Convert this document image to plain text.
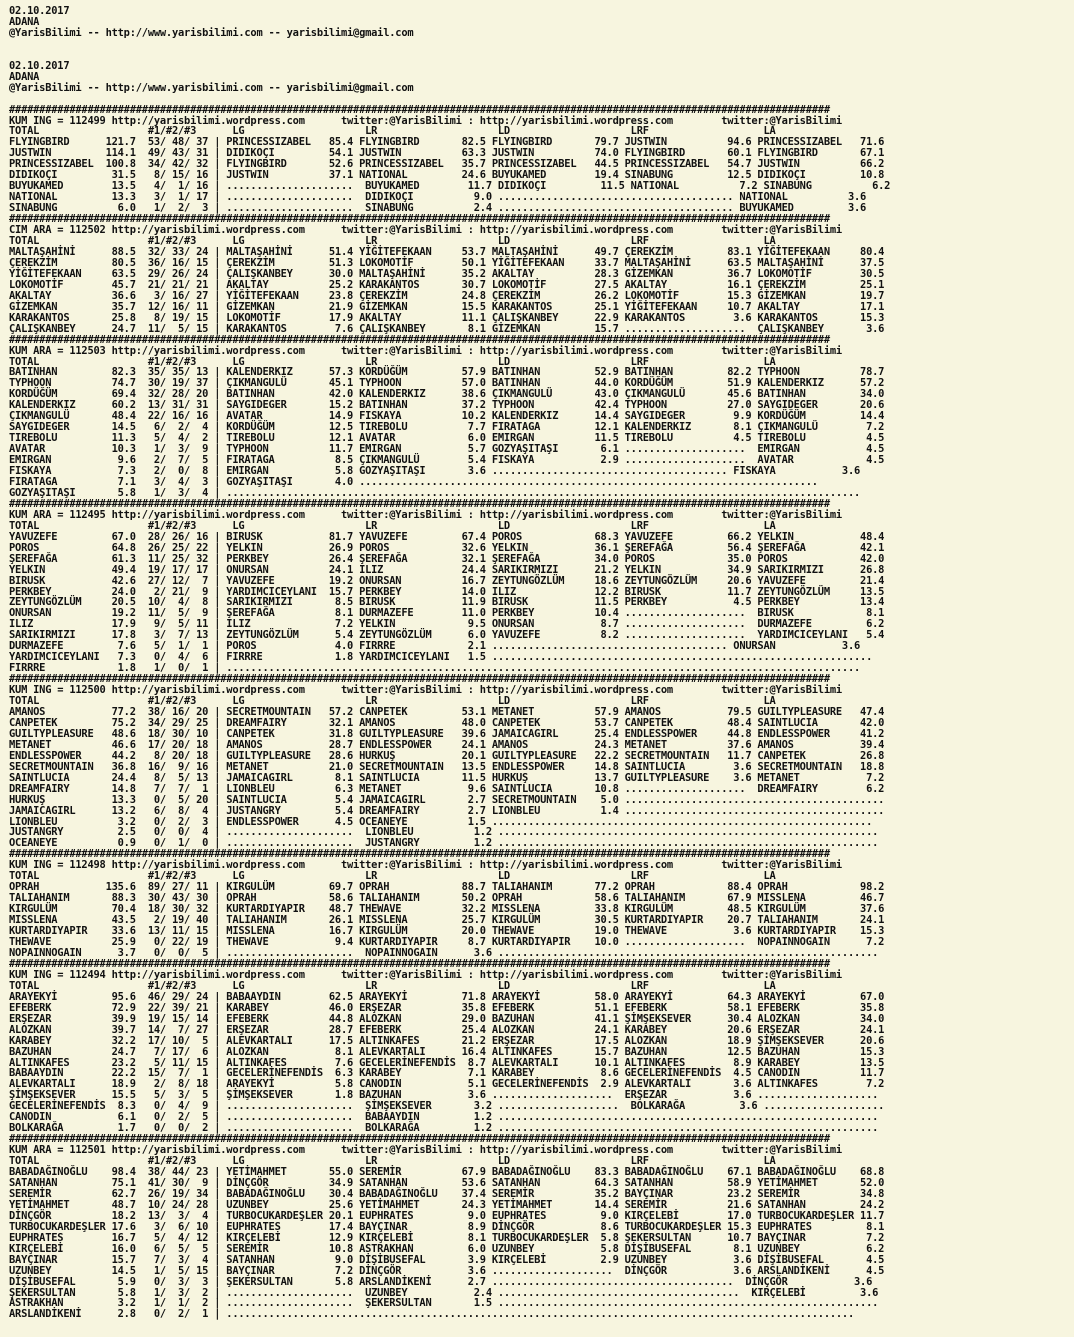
02.10.2017
ADANA
@YarisBilimi -- http://www.yarisbilimi.com -- yarisbilimi@gmail.com

02.10.2017
ADANA
@YarisBilimi -- http://www.yarisbilimi.com -- yarisbilimi@gmail.com

########################################################################################################################################
KUM ING = 112499 http://yarisbilimi.wordpress.com      twitter:@YarisBilimi : http://yarisbilimi.wordpress.com        twitter:@YarisBilimi
TOTAL                  #1/#2/#3      LG                    LR                    LD                    LRF                   LA
FLYINGBIRD      121.7  53/ 48/ 37 | PRINCESSIZABEL   85.4 FLYINGBIRD       82.5 FLYINGBIRD       79.7 JUSTWIN          94.6 PRINCESSIZABEL   71.6
JUSTWIN         114.1  49/ 43/ 31 | DIDIKOÇI         54.1 JUSTWIN          63.3 JUSTWIN          74.0 FLYINGBIRD       60.1 FLYINGBIRD       67.1
PRINCESSIZABEL  100.8  34/ 42/ 32 | FLYINGBIRD       52.6 PRINCESSIZABEL   35.7 PRINCESSIZABEL   44.5 PRINCESSIZABEL   54.7 JUSTWIN          66.2
DIDIKOÇI         31.5   8/ 15/ 16 | JUSTWIN          37.1 NATIONAL         24.6 BUYUKAMED        19.4 SINABUNG         12.5 DIDIKOÇI         10.8
BUYUKAMED        13.5   4/  1/ 16 | .....................  BUYUKAMED        11.7 DIDIKOÇI         11.5 NATIONAL          7.2 SINABUNG          6.2
NATIONAL         13.3   3/  1/ 17 | .....................  DIDIKOÇI          9.0 ....................................... NATIONAL          3.6
SINABUNG          6.0   1/  2/  3 | .....................  SINABUNG          2.4 ....................................... BUYUKAMED         3.6
########################################################################################################################################
CIM ARA = 112502 http://yarisbilimi.wordpress.com      twitter:@YarisBilimi : http://yarisbilimi.wordpress.com        twitter:@YarisBilimi
TOTAL                  #1/#2/#3      LG                    LR                    LD                    LRF                   LA
MALTAŞAHİNİ      88.5  32/ 33/ 24 | MALTAŞAHİNİ      51.4 YİĞİTEFEKAAN     53.7 MALTAŞAHİNİ      49.7 ÇEREKZİM         83.1 YİĞİTEFEKAAN     80.4
ÇEREKZİM         80.5  36/ 16/ 15 | ÇEREKZİM         51.3 LOKOMOTİF        50.1 YİĞİTEFEKAAN     33.7 MALTAŞAHİNİ      63.5 MALTAŞAHİNİ      37.5
YİĞİTEFEKAAN     63.5  29/ 26/ 24 | ÇALIŞKANBEY      30.0 MALTAŞAHİNİ      35.2 AKALTAY          28.3 GİZEMKAN         36.7 LOKOMOTİF        30.5
LOKOMOTİF        45.7  21/ 21/ 21 | AKALTAY          25.2 KARAKANTOS       30.7 LOKOMOTİF        27.5 AKALTAY          16.1 ÇEREKZİM         25.1
AKALTAY          36.6   3/ 16/ 27 | YİĞİTEFEKAAN     23.8 ÇEREKZİM         24.8 ÇEREKZİM         26.2 LOKOMOTİF        15.3 GİZEMKAN         19.7
GİZEMKAN         35.7  12/ 16/ 11 | GİZEMKAN         21.9 GİZEMKAN         15.5 KARAKANTOS       25.1 YİĞİTEFEKAAN     10.7 AKALTAY          17.1
KARAKANTOS       25.8   8/ 19/ 15 | LOKOMOTİF        17.9 AKALTAY          11.1 ÇALIŞKANBEY      22.9 KARAKANTOS        3.6 KARAKANTOS       15.3
ÇALIŞKANBEY      24.7  11/  5/ 15 | KARAKANTOS        7.6 ÇALIŞKANBEY       8.1 GİZEMKAN         15.7 ....................  ÇALIŞKANBEY       3.6
########################################################################################################################################
KUM ARA = 112503 http://yarisbilimi.wordpress.com      twitter:@YarisBilimi : http://yarisbilimi.wordpress.com        twitter:@YarisBilimi
TOTAL                  #1/#2/#3      LG                    LR                    LD                    LRF                   LA
BATINHAN         82.3  35/ 35/ 13 | KALENDERKIZ      57.3 KORDÜĞÜM         57.9 BATINHAN         52.9 BATINHAN         82.2 TYPHOON          78.7
TYPHOON          74.7  30/ 19/ 37 | ÇIKMANGULÜ       45.1 TYPHOON          57.0 BATINHAN         44.0 KORDÜĞÜM         51.9 KALENDERKIZ      57.2
KORDÜĞÜM         69.4  32/ 28/ 20 | BATINHAN         42.0 KALENDERKIZ      38.6 ÇIKMANGULÜ       43.0 ÇIKMANGULÜ       45.6 BATINHAN         34.0
KALENDERKIZ      60.2  13/ 31/ 31 | SAYGIDEGER       15.2 BATINHAN         37.2 TYPHOON          42.4 TYPHOON          27.0 SAYGIDEGER       20.6
ÇIKMANGULÜ       48.4  22/ 16/ 16 | AVATAR           14.9 FISKAYA          10.2 KALENDERKIZ      14.4 SAYGIDEGER        9.9 KORDÜĞÜM         14.4
SAYGIDEGER       14.5   6/  2/  4 | KORDÜĞÜM         12.5 TIREBOLU          7.7 FIRATAGA         12.1 KALENDERKIZ       8.1 ÇIKMANGULÜ        7.2
TIREBOLU         11.3   5/  4/  2 | TIREBOLU         12.1 AVATAR            6.0 EMIRGAN          11.5 TIREBOLU          4.5 TIREBOLU          4.5
AVATAR           10.3   1/  3/  9 | TYPHOON          11.7 EMIRGAN           5.7 GOZYAŞITAŞI       6.1 ....................  EMIRGAN           4.5
EMIRGAN           9.6   2/  7/  5 | FIRATAGA          8.5 ÇIKMANGULÜ        5.4 FISKAYA           2.9 ....................  AVATAR            4.5
FISKAYA           7.3   2/  0/  8 | EMIRGAN           5.8 GOZYAŞITAŞI       3.6 ....................................... FISKAYA           3.6
FIRATAGA          7.1   3/  4/  3 | GOZYAŞITAŞI       4.0 ............................................................................
GOZYAŞITAŞI       5.8   1/  3/  4 | .........................................................................................................
########################################################################################################################################
KUM ARA = 112495 http://yarisbilimi.wordpress.com      twitter:@YarisBilimi : http://yarisbilimi.wordpress.com        twitter:@YarisBilimi
TOTAL                  #1/#2/#3      LG                    LR                    LD                    LRF                   LA
YAVUZEFE         67.0  28/ 26/ 16 | BIRUSK           81.7 YAVUZEFE         67.4 POROS            68.3 YAVUZEFE         66.2 YELKIN           48.4
POROS            64.8  26/ 25/ 22 | YELKIN           26.9 POROS            32.6 YELKIN           36.1 ŞEREFAĞA         56.4 ŞEREFAĞA         42.1
ŞEREFAĞA         61.3  11/ 25/ 32 | PERKBEY          26.4 ŞEREFAĞA         32.1 ŞEREFAĞA         34.0 POROS            35.0 POROS            42.0
YELKIN           49.4  19/ 17/ 17 | ONURSAN          24.1 ILIZ             24.4 SARIKIRMIZI      21.2 YELKIN           34.9 SARIKIRMIZI      26.8
BIRUSK           42.6  27/ 12/  7 | YAVUZEFE         19.2 ONURSAN          16.7 ZEYTUNGÖZLÜM     18.6 ZEYTUNGÖZLÜM     20.6 YAVUZEFE         21.4
PERKBEY          24.0   2/ 21/  9 | YARDIMCICEYLANI  15.7 PERKBEY          14.0 ILIZ             12.2 BIRUSK           11.7 ZEYTUNGÖZLÜM     13.5
ZEYTUNGÖZLÜM     20.5  10/  4/  8 | SARIKIRMIZI       8.5 BIRUSK           11.9 BIRUSK           11.5 PERKBEY           4.5 PERKBEY          13.4
ONURSAN          19.2  11/  5/  9 | ŞEREFAĞA          8.1 DURMAZEFE        11.0 PERKBEY          10.4 ....................  BIRUSK            8.1
ILIZ             17.9   9/  5/ 11 | ILIZ              7.2 YELKIN            9.5 ONURSAN           8.7 ....................  DURMAZEFE         6.2
SARIKIRMIZI      17.8   3/  7/ 13 | ZEYTUNGÖZLÜM      5.4 ZEYTUNGÖZLÜM      6.0 YAVUZEFE          8.2 ....................  YARDIMCICEYLANI   5.4
DURMAZEFE         7.6   5/  1/  1 | POROS             4.0 FIRRRE            2.1 ....................................... ONURSAN           3.6
YARDIMCICEYLANI   7.3   0/  4/  6 | FIRRRE            1.8 YARDIMCICEYLANI   1.5 ...............................................................
FIRRRE            1.8   1/  0/  1 | .........................................................................................................
########################################################################################################################################
KUM ING = 112500 http://yarisbilimi.wordpress.com      twitter:@YarisBilimi : http://yarisbilimi.wordpress.com        twitter:@YarisBilimi
TOTAL                  #1/#2/#3      LG                    LR                    LD                    LRF                   LA
AMANOS           77.2  38/ 16/ 20 | SECRETMOUNTAIN   57.2 CANPETEK         53.1 METANET          57.9 AMANOS           79.5 GUILTYPLEASURE   47.4
CANPETEK         75.2  34/ 29/ 25 | DREAMFAIRY       32.1 AMANOS           48.0 CANPETEK         53.7 CANPETEK         48.4 SAINTLUCIA       42.0
GUILTYPLEASURE   48.6  18/ 30/ 10 | CANPETEK         31.8 GUILTYPLEASURE   39.6 JAMAICAGIRL      25.4 ENDLESSPOWER     44.8 ENDLESSPOWER     41.2
METANET          46.6  17/ 20/ 18 | AMANOS           28.7 ENDLESSPOWER     24.1 AMANOS           24.3 METANET          37.6 AMANOS           39.4
ENDLESSPOWER     44.2   8/ 20/ 18 | GUILTYPLEASURE   28.6 HURKUŞ           20.1 GUILTYPLEASURE   22.2 SECRETMOUNTAIN   11.7 CANPETEK         26.8
SECRETMOUNTAIN   36.8  16/  9/ 16 | METANET          21.0 SECRETMOUNTAIN   13.5 ENDLESSPOWER     14.8 SAINTLUCIA        3.6 SECRETMOUNTAIN   18.8
SAINTLUCIA       24.4   8/  5/ 13 | JAMAICAGIRL       8.1 SAINTLUCIA       11.5 HURKUŞ           13.7 GUILTYPLEASURE    3.6 METANET           7.2
DREAMFAIRY       14.8   7/  7/  1 | LIONBLEU          6.3 METANET           9.6 SAINTLUCIA       10.8 ....................  DREAMFAIRY        6.2
HURKUŞ           13.3   0/  5/ 20 | SAINTLUCIA        5.4 JAMAICAGIRL       2.7 SECRETMOUNTAIN    5.0 ...........................................
JAMAICAGIRL      13.2   6/  8/  4 | JUSTANGRY         5.4 DREAMFAIRY        2.7 LIONBLEU          1.4 ...........................................
LIONBLEU          3.2   0/  2/  3 | ENDLESSPOWER      4.5 OCEANEYE          1.5 ...............................................................
JUSTANGRY         2.5   0/  0/  4 | .....................  LIONBLEU          1.2 ...............................................................
OCEANEYE          0.9   0/  1/  0 | .....................  JUSTANGRY         1.2 ...............................................................
########################################################################################################################################
KUM ING = 112498 http://yarisbilimi.wordpress.com      twitter:@YarisBilimi : http://yarisbilimi.wordpress.com        twitter:@YarisBilimi
TOTAL                  #1/#2/#3      LG                    LR                    LD                    LRF                   LA
OPRAH           135.6  89/ 27/ 11 | KIRGULÜM         69.7 OPRAH            88.7 TALIAHANIM       77.2 OPRAH            88.4 OPRAH            98.2
TALIAHANIM       88.3  30/ 43/ 30 | OPRAH            58.6 TALIAHANIM       50.2 OPRAH            58.6 TALIAHANIM       67.9 MISSLENA         46.7
KIRGULÜM         70.4  18/ 30/ 32 | KURTARDIYAPIR    48.7 THEWAVE          32.2 MISSLENA         33.8 KIRGULÜM         48.5 KIRGULÜM         37.6
MISSLENA         43.5   2/ 19/ 40 | TALIAHANIM       26.1 MISSLENA         25.7 KIRGULÜM         30.5 KURTARDIYAPIR    20.7 TALIAHANIM       24.1
KURTARDIYAPIR    33.6  13/ 11/ 15 | MISSLENA         16.7 KIRGULÜM         20.0 THEWAVE          19.0 THEWAVE           3.6 KURTARDIYAPIR    15.3
THEWAVE          25.9   0/ 22/ 19 | THEWAVE           9.4 KURTARDIYAPIR     8.7 KURTARDIYAPIR    10.0 ....................  NOPAINNOGAIN      7.2
NOPAINNOGAIN      3.7   0/  0/  5 | .....................  NOPAINNOGAIN      3.6 ...............................................................
########################################################################################################################################
KUM ING = 112494 http://yarisbilimi.wordpress.com      twitter:@YarisBilimi : http://yarisbilimi.wordpress.com        twitter:@YarisBilimi
TOTAL                  #1/#2/#3      LG                    LR                    LD                    LRF                   LA
ARAYEKYİ         95.6  46/ 29/ 24 | BABAAYDIN        62.5 ARAYEKYİ         71.8 ARAYEKYİ         58.0 ARAYEKYİ         64.3 ARAYEKYİ         67.0
EFEBERK          72.9  22/ 39/ 21 | KARABEY          46.0 ERŞEZAR          35.8 EFEBERK          51.1 EFEBERK          58.1 EFEBERK          35.8
ERŞEZAR          39.9  19/ 15/ 14 | EFEBERK          44.8 ALOZKAN          29.0 BAZUHAN          41.1 ŞİMŞEKSEVER      30.4 ALOZKAN          34.0
ALOZKAN          39.7  14/  7/ 27 | ERŞEZAR          28.7 EFEBERK          25.4 ALOZKAN          24.1 KARABEY          20.6 ERŞEZAR          24.1
KARABEY          32.2  17/ 10/  5 | ALEVKARTALI      17.5 ALTINKAFES       21.2 ERŞEZAR          17.5 ALOZKAN          18.9 ŞİMŞEKSEVER      20.6
BAZUHAN          24.7   7/ 17/  6 | ALOZKAN           8.1 ALEVKARTALI      16.4 ALTINKAFES       15.7 BAZUHAN          12.5 BAZUHAN          15.3
ALTINKAFES       23.2   5/ 11/ 15 | ALTINKAFES        7.6 GECELERİNEFENDİS  8.7 ALEVKARTALI      10.1 ALTINKAFES        8.9 KARABEY          13.5
BABAAYDIN        22.2  15/  7/  1 | GECELERİNEFENDİS  6.3 KARABEY           7.1 KARABEY           8.6 GECELERİNEFENDİS  4.5 CANODIN          11.7
ALEVKARTALI      18.9   2/  8/ 18 | ARAYEKYİ          5.8 CANODIN           5.1 GECELERİNEFENDİS  2.9 ALEVKARTALI       3.6 ALTINKAFES        7.2
ŞİMŞEKSEVER      15.5   5/  3/  5 | ŞİMŞEKSEVER       1.8 BAZUHAN           3.6 ....................  ERŞEZAR           3.6 ....................
GECELERİNEFENDİS  8.3   0/  4/  9 | .....................  ŞİMŞEKSEVER       3.2 ....................  BOLKARAĞA         3.6 ....................
CANODIN           6.1   0/  2/  5 | .....................  BABAAYDIN         1.2 ...............................................................
BOLKARAĞA         1.7   0/  0/  2 | .....................  BOLKARAĞA         1.2 ...............................................................
########################################################################################################################################
KUM ARA = 112501 http://yarisbilimi.wordpress.com      twitter:@YarisBilimi : http://yarisbilimi.wordpress.com        twitter:@YarisBilimi
TOTAL                  #1/#2/#3      LG                    LR                    LD                    LRF                   LA
BABADAĞINOĞLU    98.4  38/ 44/ 23 | YETİMAHMET       55.0 SEREMİR          67.9 BABADAĞINOĞLU    83.3 BABADAĞINOĞLU    67.1 BABADAĞINOĞLU    68.8
SATANHAN         75.1  41/ 30/  9 | DİNÇGÖR          34.9 SATANHAN         53.6 SATANHAN         64.3 SATANHAN         58.9 YETİMAHMET       52.0
SEREMİR          62.7  26/ 19/ 34 | BABADAĞINOĞLU    30.4 BABADAĞINOĞLU    37.4 SEREMİR          35.2 BAYÇINAR         23.2 SEREMİR          34.8
YETİMAHMET       48.7  10/ 24/ 28 | UZUNBEY          25.6 YETİMAHMET       24.3 YETİMAHMET       14.4 SEREMİR          21.6 SATANHAN         24.2
DİNÇGÖR          18.2  13/  3/  4 | TURBOCUKARDEŞLER 20.1 EUPHRATES         9.0 EUPHRATES         9.0 KIRÇELEBİ        17.0 TURBOCUKARDEŞLER 11.7
TURBOCUKARDEŞLER 17.6   3/  6/ 10 | EUPHRATES        17.4 BAYÇINAR          8.9 DİNÇGÖR           8.6 TURBOCUKARDEŞLER 15.3 EUPHRATES         8.1
EUPHRATES        16.7   5/  4/ 12 | KIRÇELEBİ        12.9 KIRÇELEBİ         8.1 TURBOCUKARDEŞLER  5.8 ŞEKERSULTAN      10.7 BAYÇINAR          7.2
KIRÇELEBİ        16.0   6/  5/  5 | SEREMİR          10.8 ASTRAKHAN         6.0 UZUNBEY           5.8 DİŞİBUSEFAL       8.1 UZUNBEY           6.2
BAYÇINAR         15.7   7/  3/  4 | SATANHAN          9.0 DİŞİBUSEFAL       3.9 KIRÇELEBİ         2.9 UZUNBEY           3.6 DİŞİBUSEFAL       4.5
UZUNBEY          14.5   1/  5/ 15 | BAYÇINAR          7.2 DİNÇGÖR           3.6 ....................  DİNÇGÖR           3.6 ARSLANDİKENİ      4.5
DİŞİBUSEFAL       5.9   0/  3/  3 | ŞEKERSULTAN       5.8 ARSLANDİKENİ      2.7 ........................................  DİNÇGÖR           3.6
ŞEKERSULTAN       5.8   1/  3/  2 | .....................  UZUNBEY           2.4 ........................................  KIRÇELEBİ         3.6
ASTRAKHAN         3.2   1/  1/  2 | .....................  ŞEKERSULTAN       1.5 ...............................................................
ARSLANDİKENİ      2.8   0/  2/  1 | ........................................................................................................
